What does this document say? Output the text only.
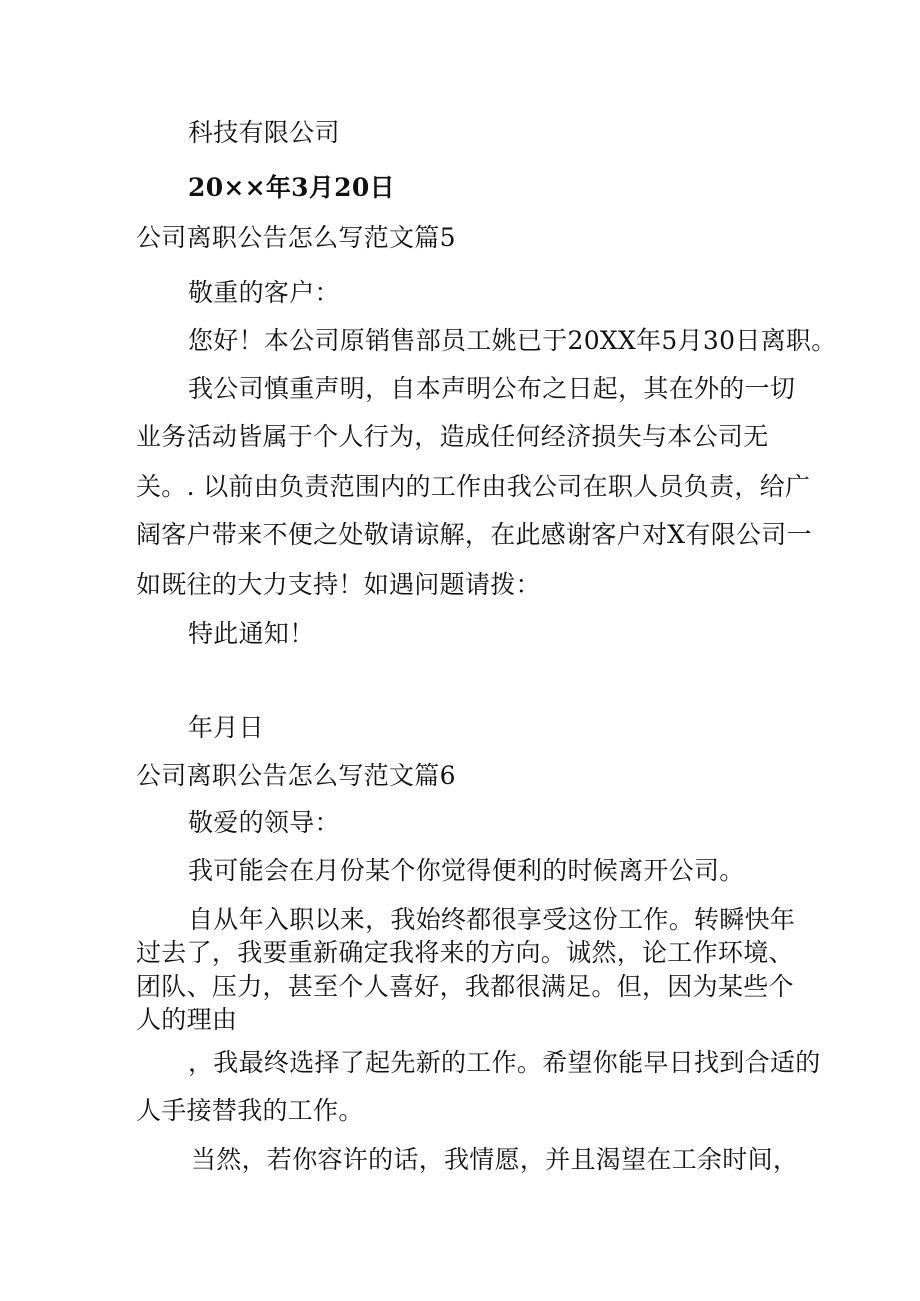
科技有限公司
20××年3月20日
公司离职公告怎么写范文篇5
敬重的客户：
您好！本公司原销售部员工姚已于20XX年5月30日离职。
我公司慎重声明，自本声明公布之日起，其在外的一切
业务活动皆属于个人行为，造成任何经济损失与本公司无
关。. 以前由负责范围内的工作由我公司在职人员负责，给广
阔客户带来不便之处敬请谅解，在此感谢客户对X有限公司一
如既往的大力支持！如遇问题请拨：
特此通知！
年月日
公司离职公告怎么写范文篇6
敬爱的领导：
我可能会在月份某个你觉得便利的时候离开公司。
自从年入职以来，我始终都很享受这份工作。转瞬快年
过去了，我要重新确定我将来的方向。诚然，论工作环境、
团队、压力，甚至个人喜好，我都很满足。但，因为某些个
人的理由
，我最终选择了起先新的工作。希望你能早日找到合适的
人手接替我的工作。
当然，若你容许的话，我情愿，并且渴望在工余时间，
